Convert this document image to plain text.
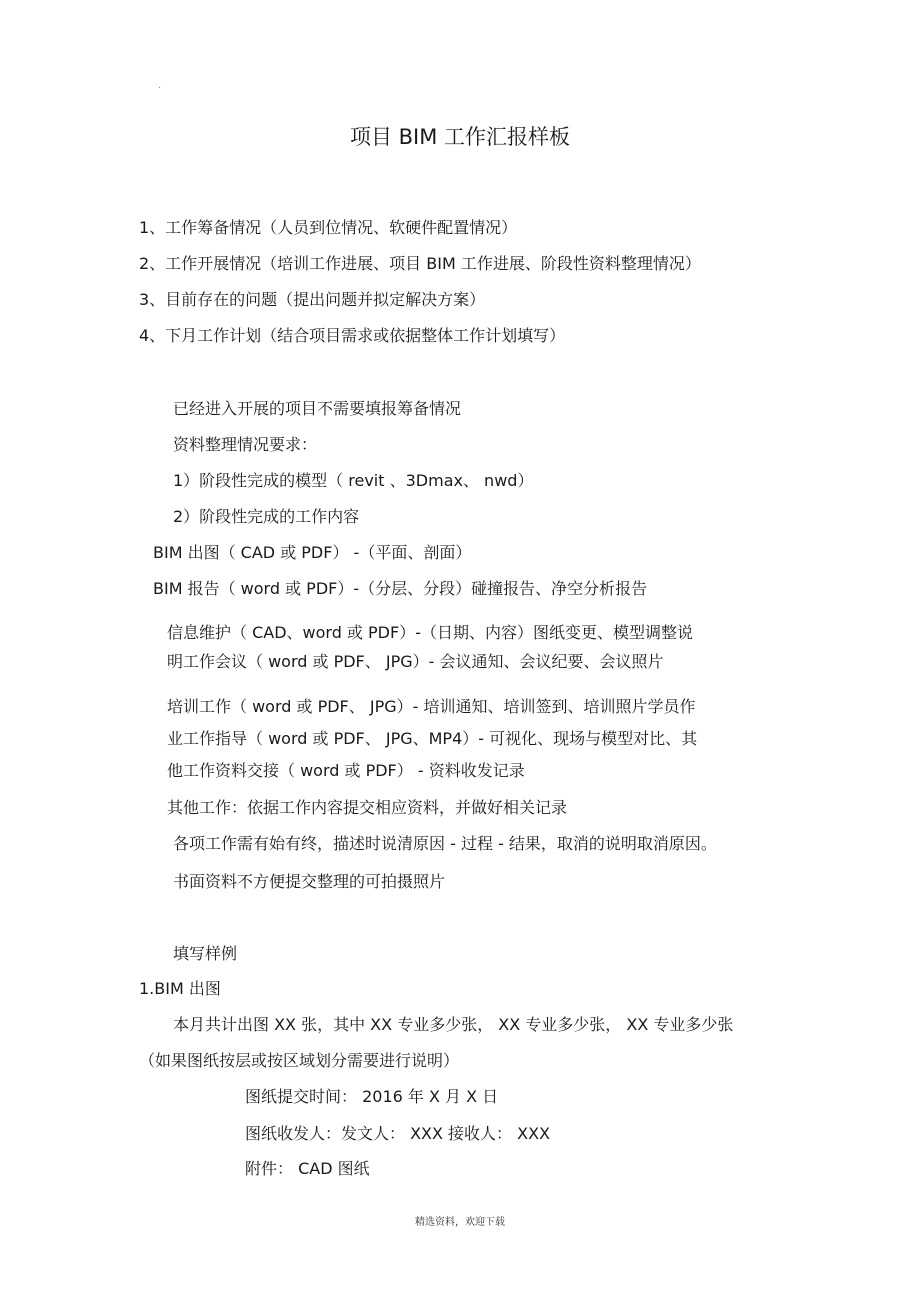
.
项目 BIM 工作汇报样板
1、工作筹备情况（人员到位情况、软硬件配置情况）
2、工作开展情况（培训工作进展、项目 BIM 工作进展、阶段性资料整理情况）
3、目前存在的问题（提出问题并拟定解决方案）
4、下月工作计划（结合项目需求或依据整体工作计划填写）
已经进入开展的项目不需要填报筹备情况
资料整理情况要求：
1）阶段性完成的模型（ revit 、3Dmax、 nwd）
2）阶段性完成的工作内容
BIM 出图（ CAD 或 PDF） -（平面、剖面）
BIM 报告（ word 或 PDF）-（分层、分段）碰撞报告、净空分析报告
信息维护（ CAD、word 或 PDF）-（日期、内容）图纸变更、模型调整说
明工作会议（ word 或 PDF、 JPG）- 会议通知、会议纪要、会议照片
培训工作（ word 或 PDF、 JPG）- 培训通知、培训签到、培训照片学员作
业工作指导（ word 或 PDF、 JPG、MP4）- 可视化、现场与模型对比、其
他工作资料交接（ word 或 PDF） - 资料收发记录
其他工作：依据工作内容提交相应资料，并做好相关记录
各项工作需有始有终，描述时说清原因 - 过程 - 结果，取消的说明取消原因。
书面资料不方便提交整理的可拍摄照片
填写样例
1.BIM 出图
本月共计出图 XX 张，其中 XX 专业多少张， XX 专业多少张， XX 专业多少张
（如果图纸按层或按区域划分需要进行说明）
图纸提交时间： 2016 年 X 月 X 日
图纸收发人：发文人： XXX 接收人： XXX
附件： CAD 图纸
精选资料，欢迎下载
